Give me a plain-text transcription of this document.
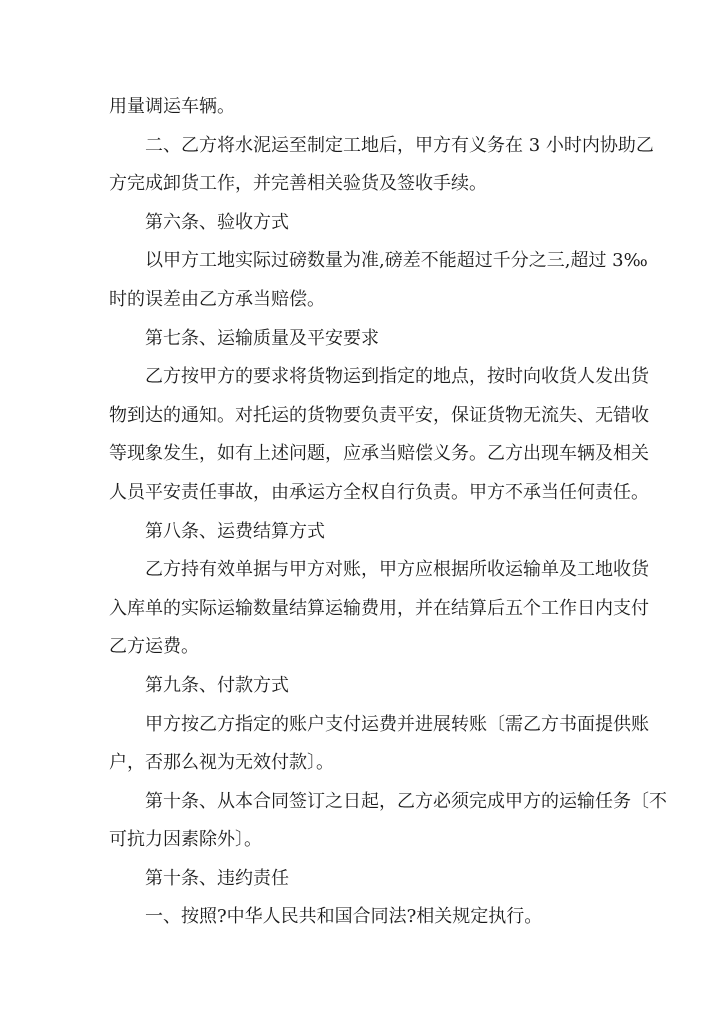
用量调运车辆。
二、乙方将水泥运至制定工地后，甲方有义务在 3 小时内协助乙
方完成卸货工作，并完善相关验货及签收手续。
第六条、验收方式
以甲方工地实际过磅数量为准,磅差不能超过千分之三,超过 3‰
时的误差由乙方承当赔偿。
第七条、运输质量及平安要求
乙方按甲方的要求将货物运到指定的地点，按时向收货人发出货
物到达的通知。对托运的货物要负责平安，保证货物无流失、无错收
等现象发生，如有上述问题，应承当赔偿义务。乙方出现车辆及相关
人员平安责任事故，由承运方全权自行负责。甲方不承当任何责任。
第八条、运费结算方式
乙方持有效单据与甲方对账，甲方应根据所收运输单及工地收货
入库单的实际运输数量结算运输费用，并在结算后五个工作日内支付
乙方运费。
第九条、付款方式
甲方按乙方指定的账户支付运费并进展转账〔需乙方书面提供账
户，否那么视为无效付款〕。
第十条、从本合同签订之日起，乙方必须完成甲方的运输任务〔不
可抗力因素除外〕。
第十条、违约责任
一、按照?中华人民共和国合同法?相关规定执行。
